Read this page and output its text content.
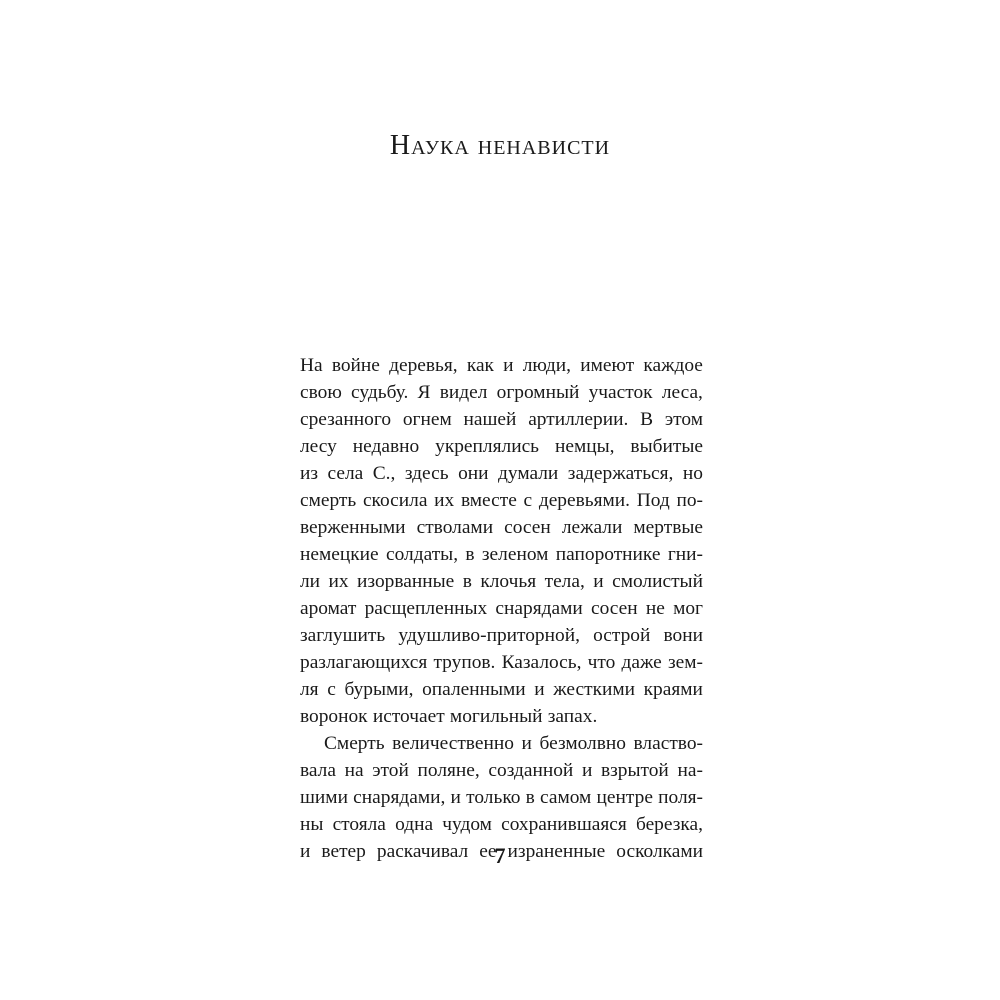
Наука ненависти
На войне деревья, как и люди, имеют каждое
свою судьбу. Я видел огромный участок леса,
срезанного огнем нашей артиллерии. В этом
лесу недавно укреплялись немцы, выбитые
из села С., здесь они думали задержаться, но
смерть скосила их вместе с деревьями. Под по-
верженными стволами сосен лежали мертвые
немецкие солдаты, в зеленом папоротнике гни-
ли их изорванные в клочья тела, и смолистый
аромат расщепленных снарядами сосен не мог
заглушить удушливо-приторной, острой вони
разлагающихся трупов. Казалось, что даже зем-
ля с бурыми, опаленными и жесткими краями
воронок источает могильный запах.
Смерть величественно и безмолвно властво-
вала на этой поляне, созданной и взрытой на-
шими снарядами, и только в самом центре поля-
ны стояла одна чудом сохранившаяся березка,
и ветер раскачивал ее израненные осколками
7
